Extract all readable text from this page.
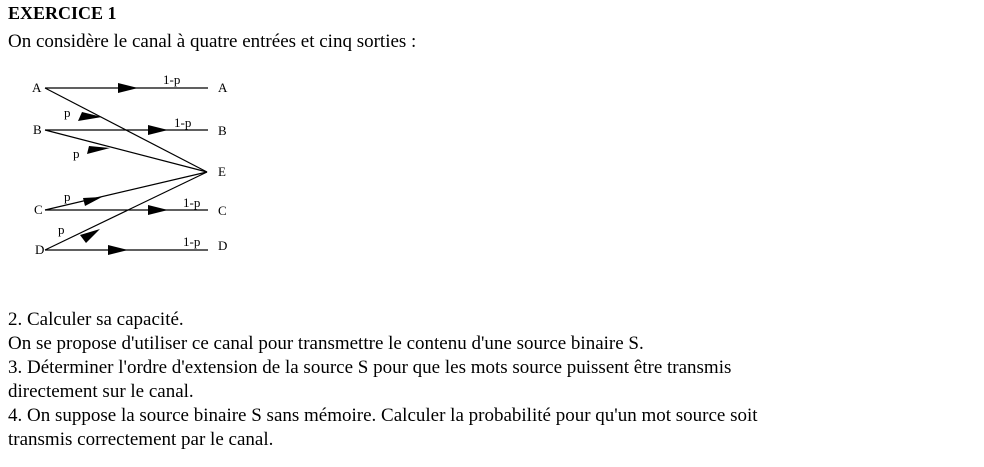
EXERCICE 1
On considère le canal à quatre entrées et cinq sorties :
A
B
C
D
A
B
E
C
D
1-p
1-p
1-p
1-p
p
p
p
p

2. Calculer sa capacité.

On se propose d'utiliser ce canal pour transmettre le contenu d'une source binaire S.

3. Déterminer l'ordre d'extension de la source S pour que les mots source puissent être transmis

directement sur le canal.

4. On suppose la source binaire S sans mémoire. Calculer la probabilité pour qu'un mot source soit

transmis correctement par le canal.
